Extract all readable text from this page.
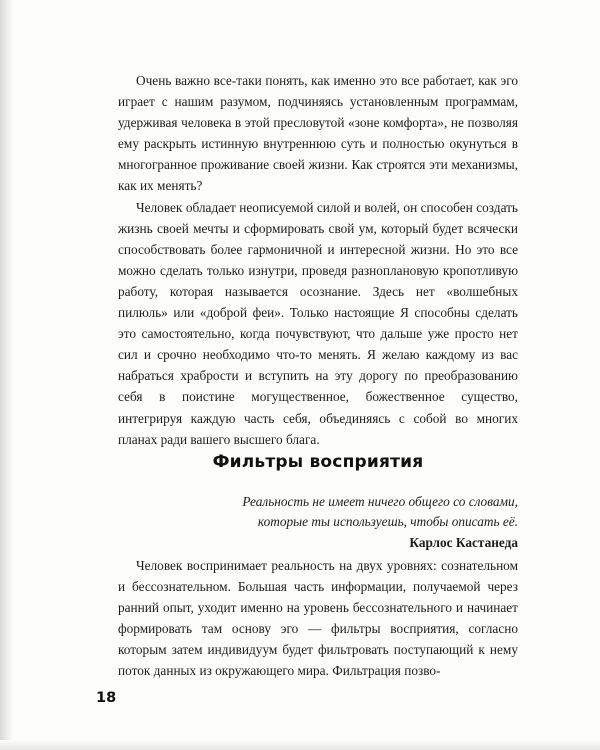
Очень важно все-таки понять, как именно это все работает, как эго играет с нашим разумом, подчиняясь установленным программам, удерживая человека в этой пресловутой «зоне комфорта», не позволяя ему раскрыть истинную внутреннюю суть и полностью окунуться в многогранное проживание своей жизни. Как строятся эти механизмы, как их менять?

Человек обладает неописуемой силой и волей, он способен создать жизнь своей мечты и сформировать свой ум, который будет всячески способствовать более гармоничной и интересной жизни. Но это все можно сделать только изнутри, проведя разноплановую кропотливую работу, которая называется осознание. Здесь нет «волшебных пилюль» или «доброй феи». Только настоящие Я способны сделать это самостоятельно, когда почувствуют, что дальше уже просто нет сил и срочно необходимо что-то менять. Я желаю каждому из вас набраться храбрости и вступить на эту дорогу по преобразованию себя в поистине могущественное, божественное существо, интегрируя каждую часть себя, объединяясь с собой во многих планах ради вашего высшего блага.

Фильтры восприятия
Реальность не имеет ничего общего со словами,
которые ты используешь, чтобы описать её.
Карлос Кастанеда

Человек воспринимает реальность на двух уровнях: сознательном и бессознательном. Большая часть информации, получаемой через ранний опыт, уходит именно на уровень бессознательного и начинает формировать там основу эго — фильтры восприятия, согласно которым затем индивидуум будет фильтровать поступающий к нему поток данных из окружающего мира. Фильтрация позво-

18
